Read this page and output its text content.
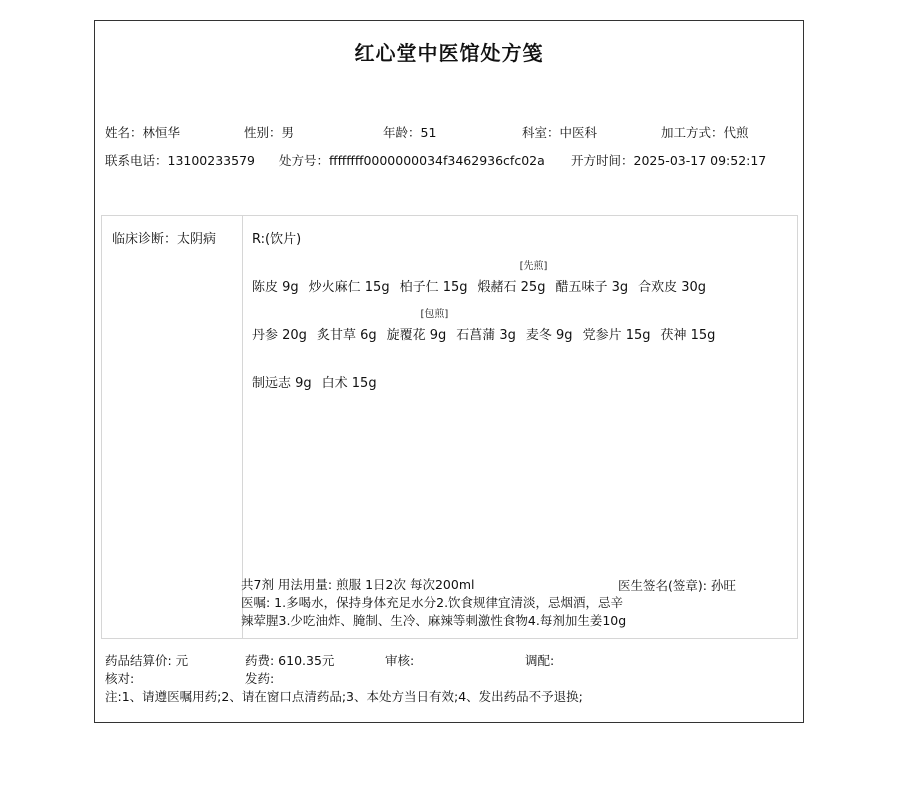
红心堂中医馆处方笺
姓名：林恒华	性别：男	年龄：51	科室：中医科	加工方式：代煎
联系电话：13100233579 处方号：ffffffff0000000034f3462936cfc02a 开方时间：2025-03-17 09:52:17
临床诊断：太阴病	R:(饮片)
陈皮 9g 炒火麻仁 15g 柏子仁 15g 煅赭石 25g
[先煎]
醋五味子 3g 合欢皮 30g
丹参 20g 炙甘草 6g 旋覆花 9g
[包煎]
石菖蒲 3g 麦冬 9g 党参片 15g 茯神 15g
制远志 9g 白术 15g
共7剂 用法用量: 煎服 1日2次 每次200ml
医嘱: 1.多喝水，保持身体充足水分2.饮食规律宜清淡，忌烟酒，忌辛辣荤腥3.少吃油炸、腌制、生冷、麻辣等刺激性食物4.每剂加生姜10g
医生签名(签章): 孙旺
药品结算价: 元	药费: 610.35元	审核:	调配:
核对:	发药:
注:1、请遵医嘱用药;2、请在窗口点清药品;3、本处方当日有效;4、发出药品不予退换;
